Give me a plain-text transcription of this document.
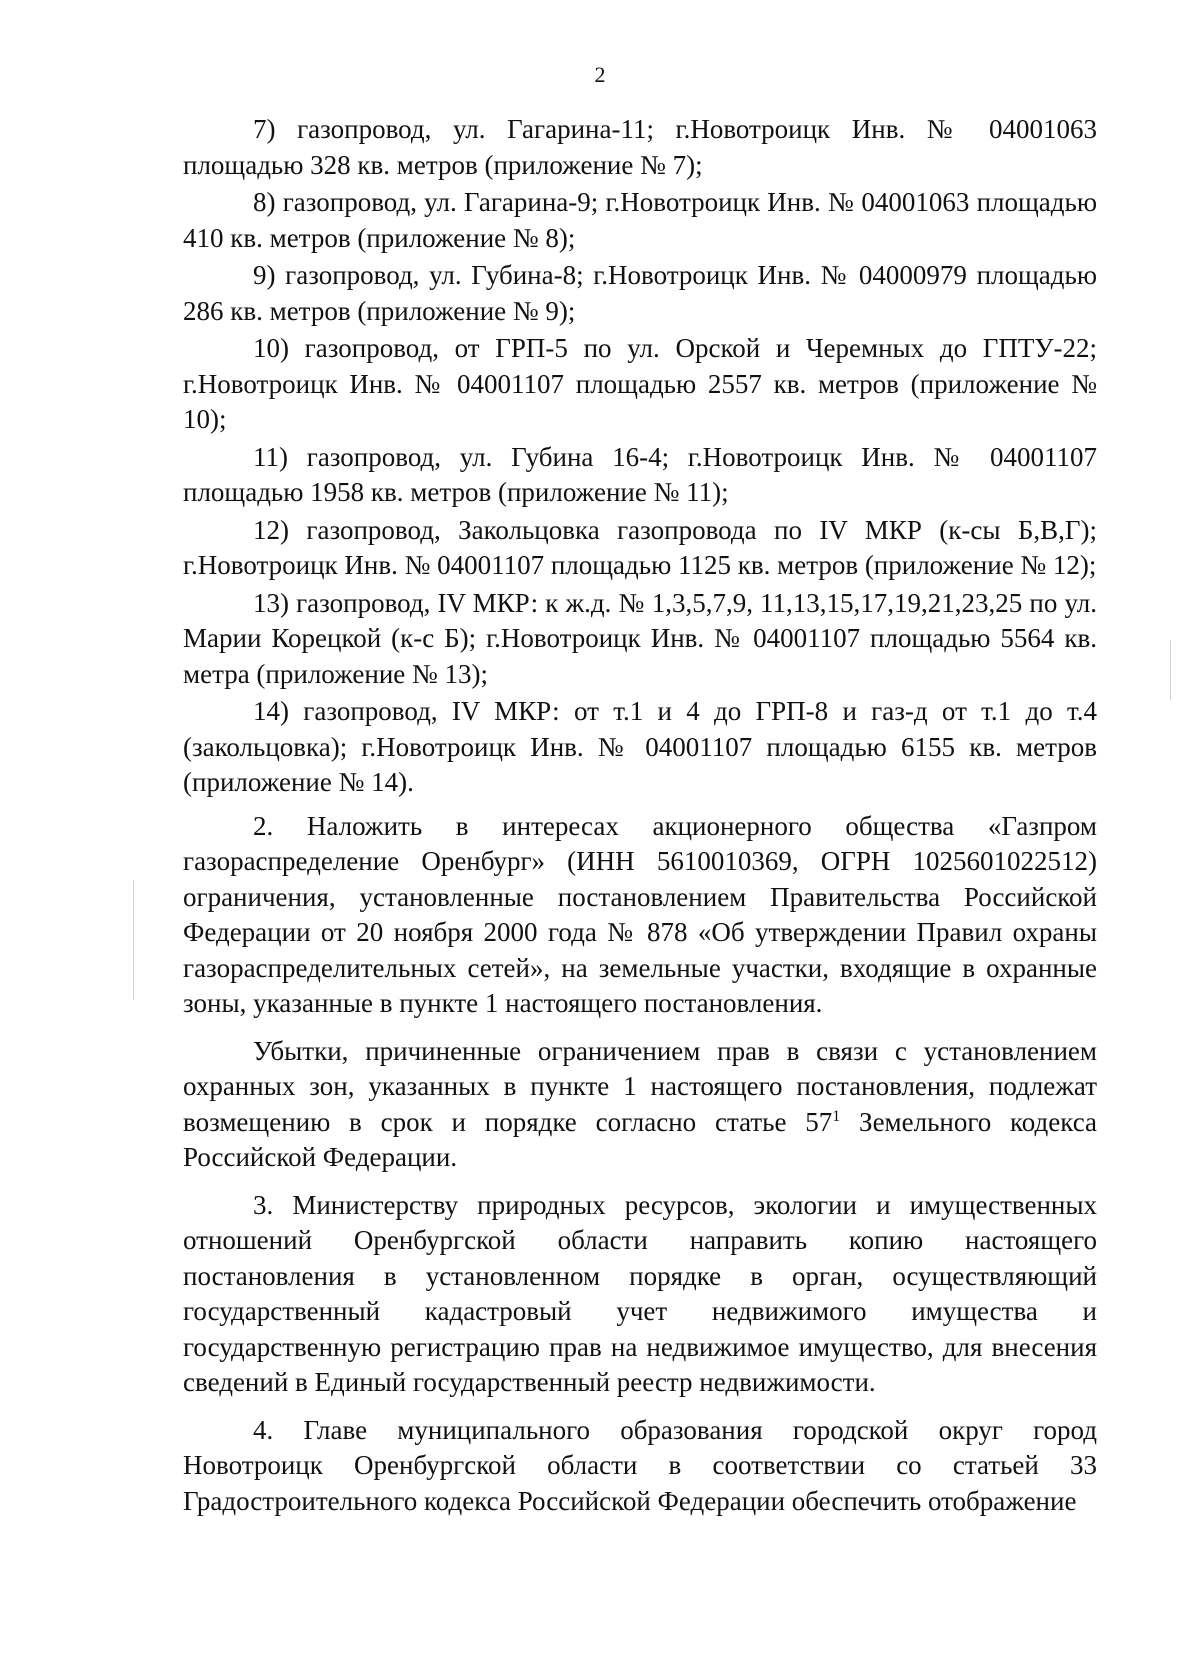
2

7) газопровод, ул. Гагарина-11; г.Новотроицк Инв. № 04001063 площадью 328 кв. метров (приложение № 7);

8) газопровод, ул. Гагарина-9; г.Новотроицк Инв. № 04001063 площадью 410 кв. метров (приложение № 8);

9) газопровод, ул. Губина-8; г.Новотроицк Инв. № 04000979 площадью 286 кв. метров (приложение № 9);

10) газопровод, от ГРП-5 по ул. Орской и Черемных до ГПТУ-22; г.Новотроицк Инв. № 04001107 площадью 2557 кв. метров (приложение № 10);

11) газопровод, ул. Губина 16-4; г.Новотроицк Инв. № 04001107 площадью 1958 кв. метров (приложение № 11);

12) газопровод, Закольцовка газопровода по IV МКР (к-сы Б,В,Г); г.Новотроицк Инв. № 04001107 площадью 1125 кв. метров (приложение № 12);

13) газопровод, IV МКР: к ж.д. № 1,3,5,7,9, 11,13,15,17,19,21,23,25 по ул. Марии Корецкой (к-с Б); г.Новотроицк Инв. № 04001107 площадью 5564 кв. метра (приложение № 13);

14) газопровод, IV МКР: от т.1 и 4 до ГРП-8 и газ-д от т.1 до т.4 (закольцовка); г.Новотроицк Инв. № 04001107 площадью 6155 кв. метров (приложение № 14).

2. Наложить в интересах акционерного общества «Газпром газораспределение Оренбург» (ИНН 5610010369, ОГРН 1025601022512) ограничения, установленные постановлением Правительства Российской Федерации от 20 ноября 2000 года № 878 «Об утверждении Правил охраны газораспределительных сетей», на земельные участки, входящие в охранные зоны, указанные в пункте 1 настоящего постановления.

Убытки, причиненные ограничением прав в связи с установлением охранных зон, указанных в пункте 1 настоящего постановления, подлежат возмещению в срок и порядке согласно статье $57^1$ Земельного кодекса Российской Федерации.

3. Министерству природных ресурсов, экологии и имущественных отношений Оренбургской области направить копию настоящего постановления в установленном порядке в орган, осуществляющий государственный кадастровый учет недвижимого имущества и государственную регистрацию прав на недвижимое имущество, для внесения сведений в Единый государственный реестр недвижимости.

4. Главе муниципального образования городской округ город Новотроицк Оренбургской области в соответствии со статьей 33 Градостроительного кодекса Российской Федерации обеспечить отображение
